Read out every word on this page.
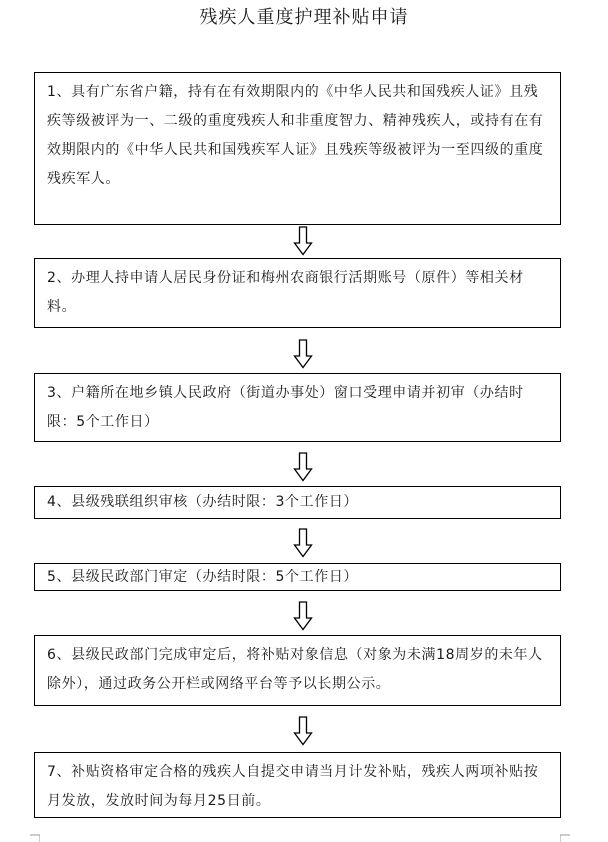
残疾人重度护理补贴申请
1、具有广东省户籍，持有在有效期限内的《中华人民共和国残疾人证》且残疾等级被评为一、二级的重度残疾人和非重度智力、精神残疾人，或持有在有效期限内的《中华人民共和国残疾军人证》且残疾等级被评为一至四级的重度残疾军人。
2、办理人持申请人居民身份证和梅州农商银行活期账号（原件）等相关材料。
3、户籍所在地乡镇人民政府（街道办事处）窗口受理申请并初审（办结时限：5个工作日）
4、县级残联组织审核（办结时限：3个工作日）
5、县级民政部门审定（办结时限：5个工作日）
6、县级民政部门完成审定后，将补贴对象信息（对象为未满18周岁的未年人除外），通过政务公开栏或网络平台等予以长期公示。
7、补贴资格审定合格的残疾人自提交申请当月计发补贴，残疾人两项补贴按月发放，发放时间为每月25日前。
